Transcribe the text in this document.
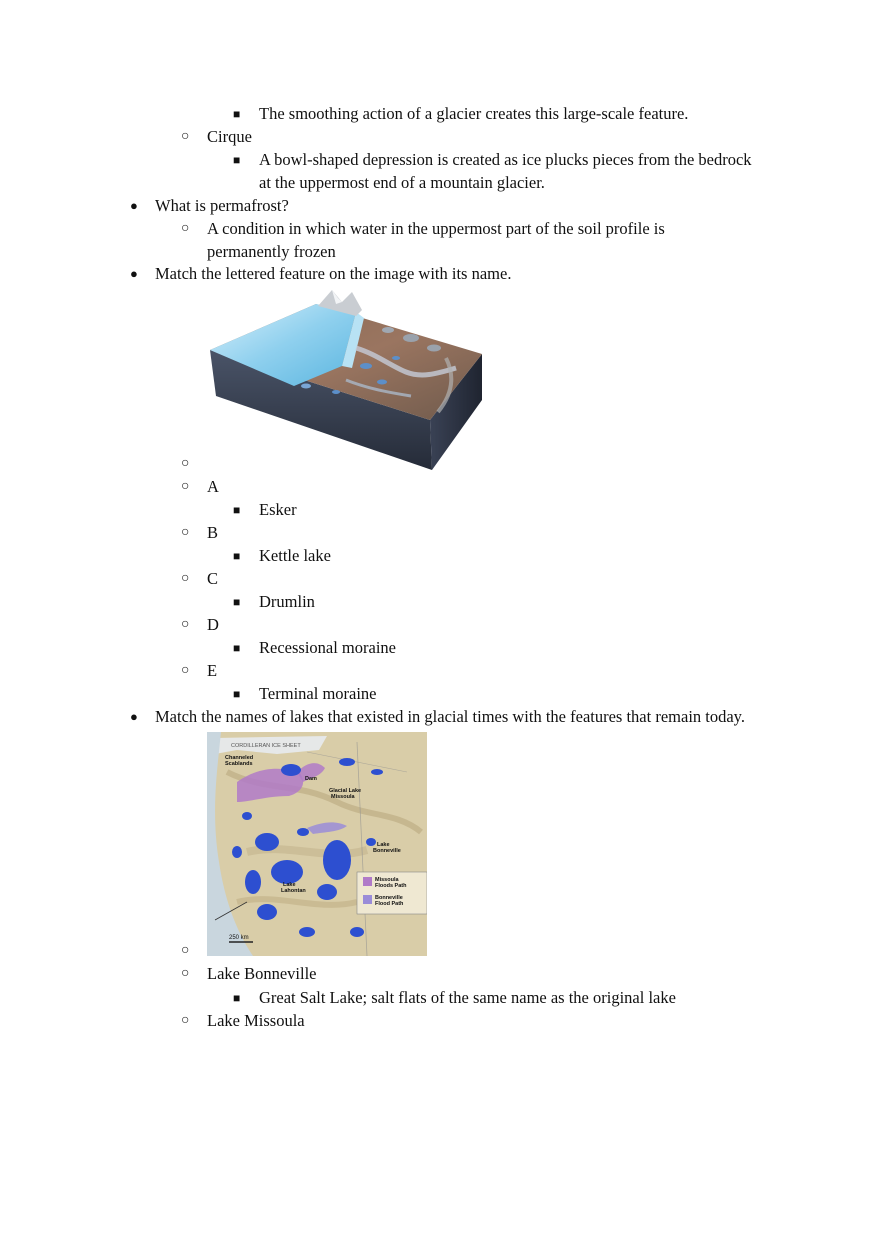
■ The smoothing action of a glacier creates this large-scale feature.
○ Cirque
■ A bowl-shaped depression is created as ice plucks pieces from the bedrock
at the uppermost end of a mountain glacier.
● What is permafrost?
○ A condition in which water in the uppermost part of the soil profile is
permanently frozen
● Match the lettered feature on the image with its name.
○
○ A
■ Esker
○ B
■ Kettle lake
○ C
■ Drumlin
○ D
■ Recessional moraine
○ E
■ Terminal moraine
● Match the names of lakes that existed in glacial times with the features that remain today.
CORDILLERAN ICE SHEET
Channeled
Scablands
Dam
Glacial Lake
Missoula
Lake
Bonneville
Lake
Lahontan
Missoula
Floods Path
Bonneville
Flood Path
250 km
○
○ Lake Bonneville
■ Great Salt Lake; salt flats of the same name as the original lake
○ Lake Missoula
